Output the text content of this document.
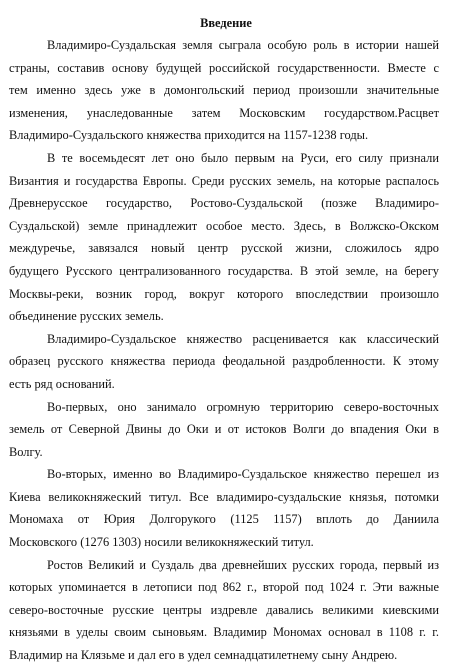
Введение
Владимиро-Суздальская земля сыграла особую роль в истории нашей
страны, составив основу будущей российской государственности. Вместе с
тем именно здесь уже в домонгольский период произошли значительные
изменения, унаследованные затем Московским государством.Расцвет
Владимиро-Суздальского княжества приходится на 1157-1238 годы.
В те восемьдесят лет оно было первым на Руси, его силу признали
Византия и государства Европы. Среди русских земель, на которые распалось
Древнерусское государство, Ростово-Суздальской (позже Владимиро-
Суздальской) земле принадлежит особое место. Здесь, в Волжско-Окском
междуречье, завязался новый центр русской жизни, сложилось ядро
будущего Русского централизованного государства. В этой земле, на берегу
Москвы-реки, возник город, вокруг которого впоследствии произошло
объединение русских земель.
Владимиро-Суздальское княжество расценивается как классический
образец русского княжества периода феодальной раздробленности. К этому
есть ряд оснований.
Во-первых, оно занимало огромную территорию северо-восточных
земель от Северной Двины до Оки и от истоков Волги до впадения Оки в
Волгу.
Во-вторых, именно во Владимиро-Суздальское княжество перешел из
Киева великокняжеский титул. Все владимиро-суздальские князья, потомки
Мономаха от Юрия Долгорукого (1125 1157) вплоть до Даниила
Московского (1276 1303) носили великокняжеский титул.
Ростов Великий и Суздаль два древнейших русских города, первый из
которых упоминается в летописи под 862 г., второй под 1024 г. Эти важные
северо-восточные русские центры издревле давались великими киевскими
князьями в уделы своим сыновьям. Владимир Мономах основал в 1108 г. г.
Владимир на Клязьме и дал его в удел семнадцатилетнему сыну Андрею.
